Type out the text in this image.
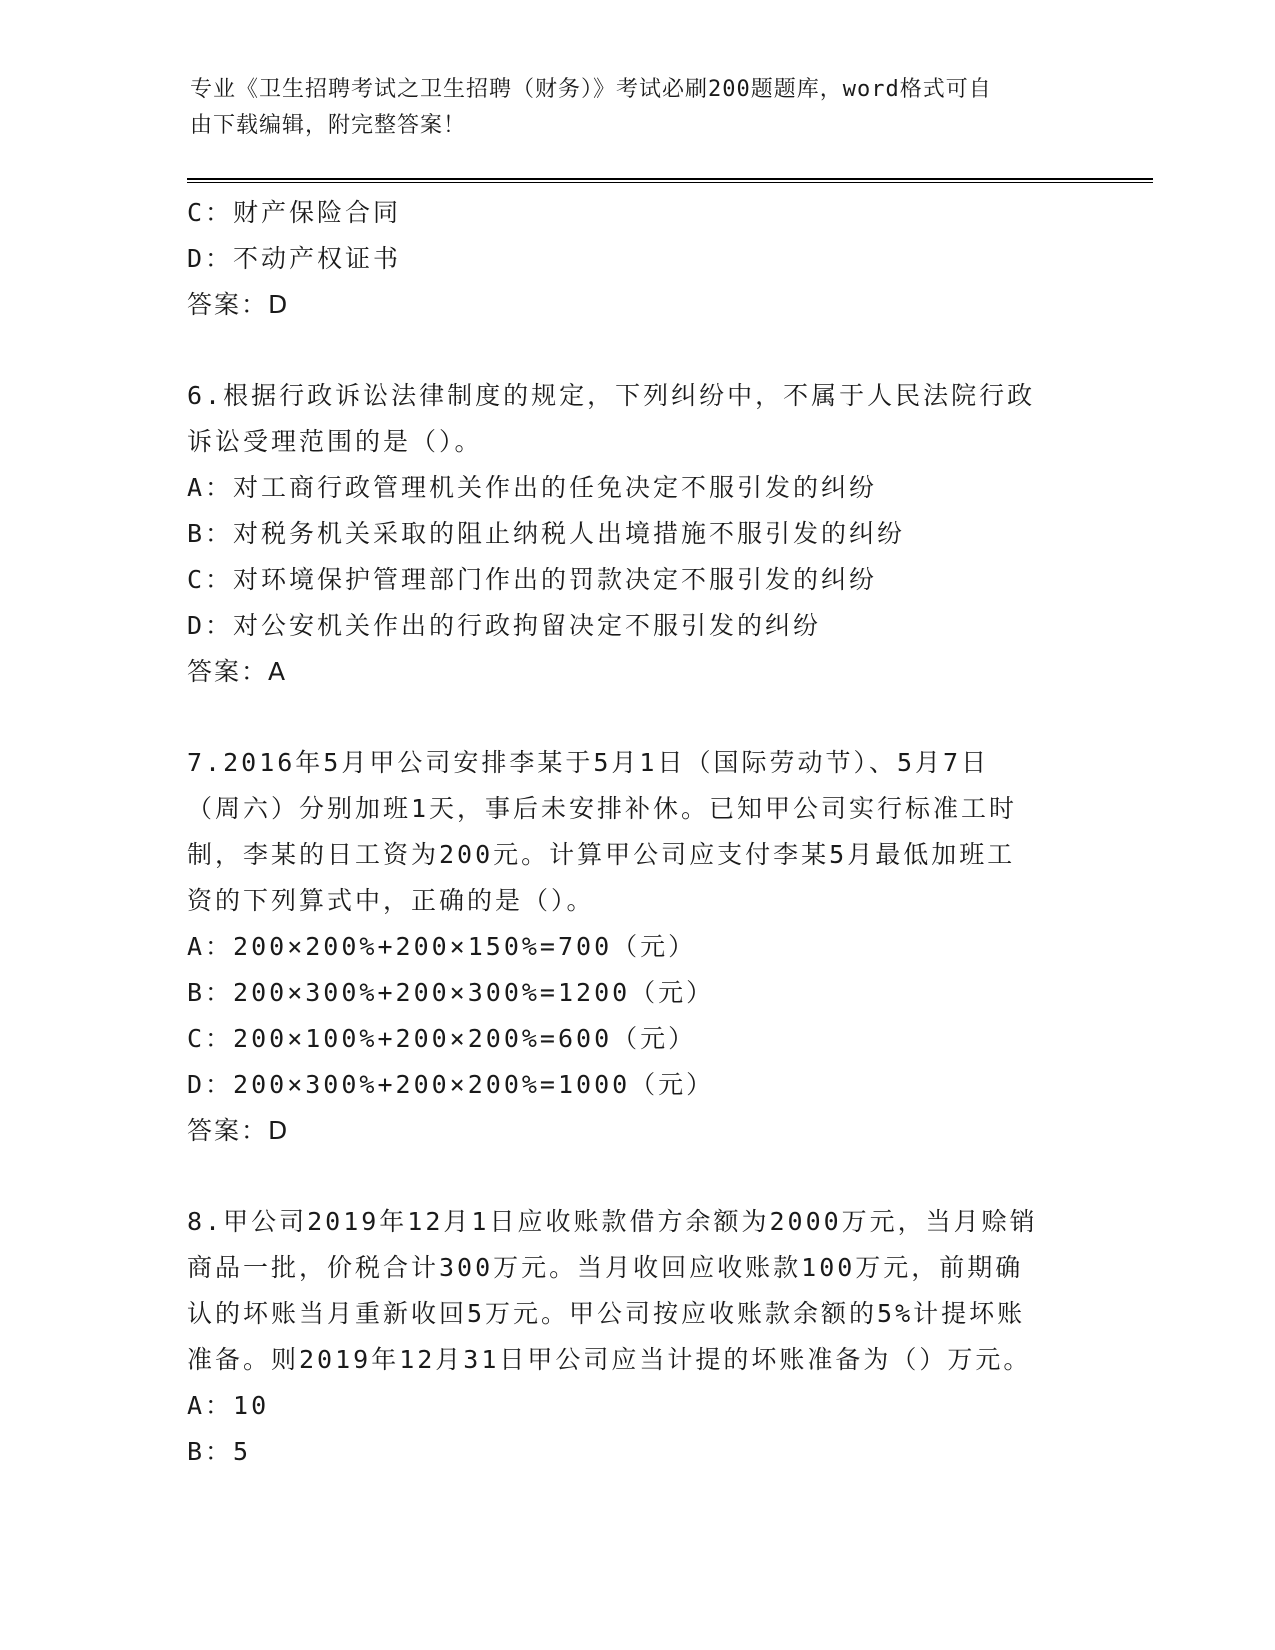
专业《卫生招聘考试之卫生招聘（财务）》考试必刷200题题库，word格式可自
由下载编辑，附完整答案！
C：财产保险合同
D：不动产权证书
答案：D
6.根据行政诉讼法律制度的规定，下列纠纷中，不属于人民法院行政
诉讼受理范围的是（）。
A：对工商行政管理机关作出的任免决定不服引发的纠纷
B：对税务机关采取的阻止纳税人出境措施不服引发的纠纷
C：对环境保护管理部门作出的罚款决定不服引发的纠纷
D：对公安机关作出的行政拘留决定不服引发的纠纷
答案：A
7.2016年5月甲公司安排李某于5月1日（国际劳动节）、5月7日
（周六）分别加班1天，事后未安排补休。已知甲公司实行标准工时
制，李某的日工资为200元。计算甲公司应支付李某5月最低加班工
资的下列算式中，正确的是（）。
A：200×200%+200×150%=700（元）
B：200×300%+200×300%=1200（元）
C：200×100%+200×200%=600（元）
D：200×300%+200×200%=1000（元）
答案：D
8.甲公司2019年12月1日应收账款借方余额为2000万元，当月赊销
商品一批，价税合计300万元。当月收回应收账款100万元，前期确
认的坏账当月重新收回5万元。甲公司按应收账款余额的5%计提坏账
准备。则2019年12月31日甲公司应当计提的坏账准备为（）万元。
A：10
B：5
